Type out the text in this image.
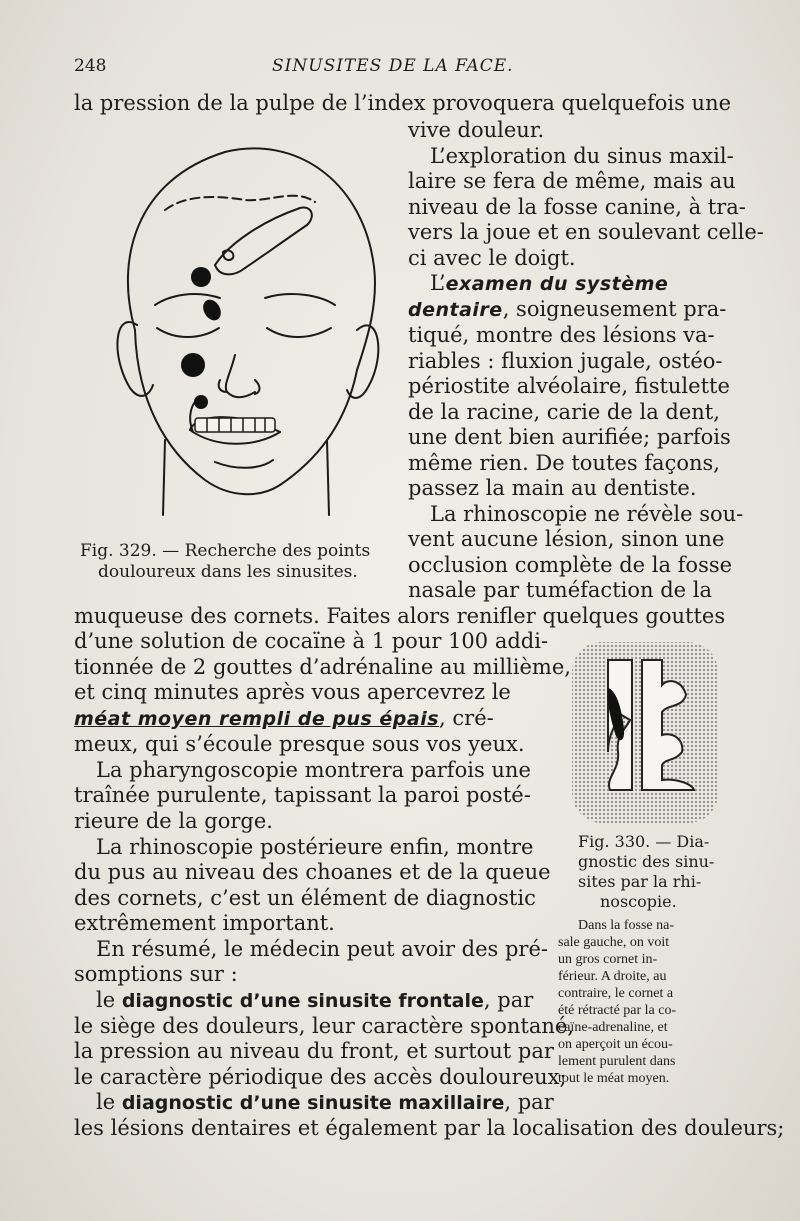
248	SINUSITES DE LA FACE.
la pression de la pulpe de l’index provoquera quelquefois une
vive douleur.
L’exploration du sinus maxil-
laire se fera de même, mais au
niveau de la fosse canine, à tra-
vers la joue et en soulevant celle-
ci avec le doigt.
L’examen du système
dentaire, soigneusement pra-
tiqué, montre des lésions va-
riables : fluxion jugale, ostéo-
périostite alvéolaire, fistulette
de la racine, carie de la dent,
une dent bien aurifiée; parfois
même rien. De toutes façons,
passez la main au dentiste.
La rhinoscopie ne révèle sou-
vent aucune lésion, sinon une
occlusion complète de la fosse
nasale par tuméfaction de la
muqueuse des cornets. Faites alors renifler quelques gouttes
d’une solution de cocaïne à 1 pour 100 addi-
tionnée de 2 gouttes d’adrénaline au millième,
et cinq minutes après vous apercevrez le
méat moyen rempli de pus épais, cré-
meux, qui s’écoule presque sous vos yeux.
La pharyngoscopie montrera parfois une
traînée purulente, tapissant la paroi posté-
rieure de la gorge.
La rhinoscopie postérieure enfin, montre
du pus au niveau des choanes et de la queue
des cornets, c’est un élément de diagnostic
extrêmement important.
En résumé, le médecin peut avoir des pré-
somptions sur :
le diagnostic d’une sinusite frontale, par
le siège des douleurs, leur caractère spontané,
la pression au niveau du front, et surtout par
le caractère périodique des accès douloureux;
le diagnostic d’une sinusite maxillaire, par
les lésions dentaires et également par la localisation des douleurs;
Fig. 329. — Recherche des points
douloureux dans les sinusites.
Fig. 330. — Dia-
gnostic des sinu-
sites par la rhi-
noscopie.
Dans la fosse na-
sale gauche, on voit
un gros cornet in-
férieur. A droite, au
contraire, le cornet a
été rétracté par la co-
caïne-adrenaline, et
on aperçoit un écou-
lement purulent dans
tout le méat moyen.
